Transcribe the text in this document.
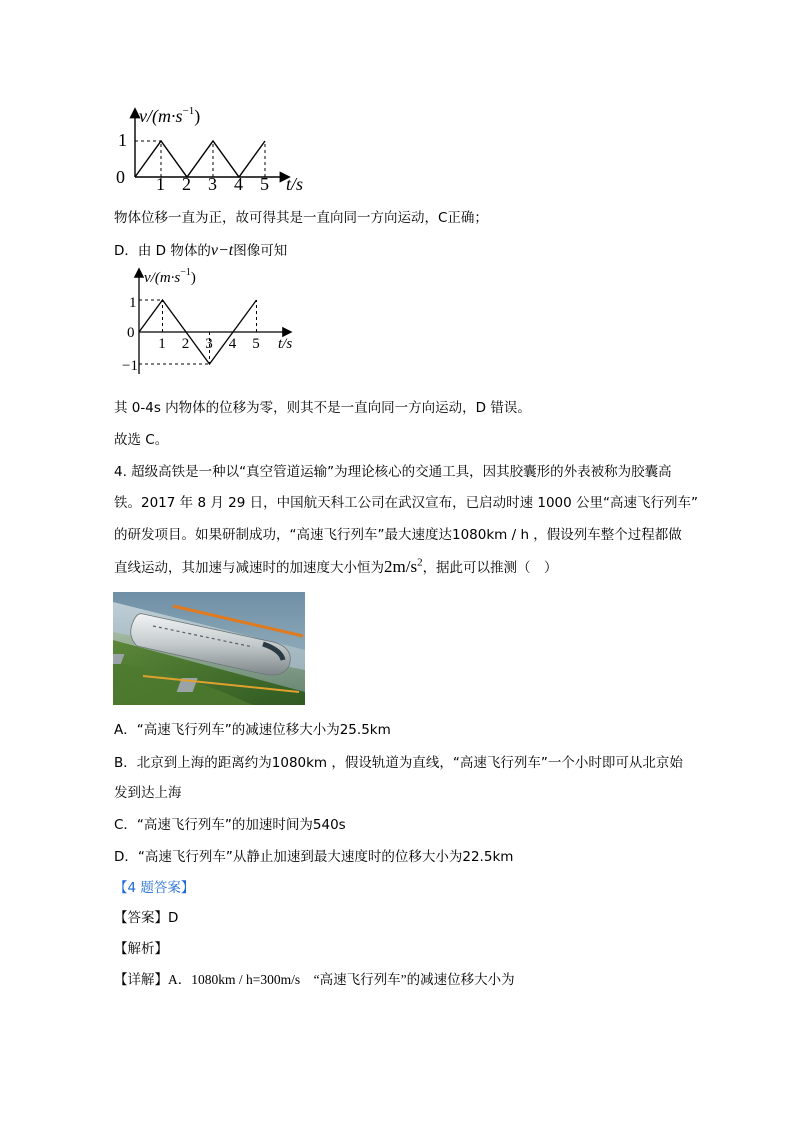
$v/(m\cdot s^{-1})$
1
0 1 2 3 4 5 t/s
物体位移一直为正，故可得其是一直向同一方向运动，C正确；
D．由 D 物体的v−t图像可知
$v/(m\cdot s^{-1})$
1
0
−1
1 2 3 4 5 t/s
其 0-4s 内物体的位移为零，则其不是一直向同一方向运动，D 错误。
故选 C。
4. 超级高铁是一种以“真空管道运输”为理论核心的交通工具，因其胶囊形的外表被称为胶囊高
铁。2017 年 8 月 29 日，中国航天科工公司在武汉宣布，已启动时速 1000 公里“高速飞行列车”
的研发项目。如果研制成功，“高速飞行列车”最大速度达1080km / h ，假设列车整个过程都做
直线运动，其加速与减速时的加速度大小恒为$2m/s^2$，据此可以推测（　）
A．“高速飞行列车”的减速位移大小为25.5km
B．北京到上海的距离约为1080km ，假设轨道为直线，“高速飞行列车”一个小时即可从北京始
发到达上海
C．“高速飞行列车”的加速时间为540s
D．“高速飞行列车”从静止加速到最大速度时的位移大小为22.5km
【4 题答案】
【答案】D
【解析】
【详解】A．1080km / h=300m/s　“高速飞行列车”的减速位移大小为
